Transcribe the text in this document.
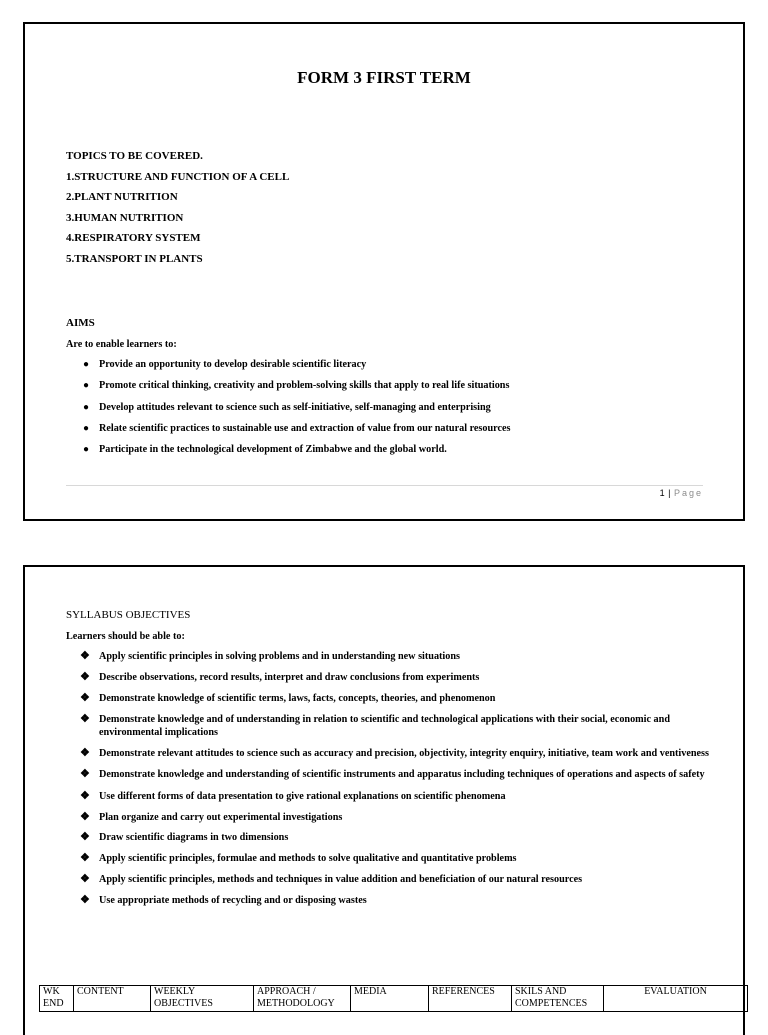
FORM 3 FIRST TERM
TOPICS TO BE COVERED.
1.STRUCTURE AND FUNCTION OF A CELL
2.PLANT NUTRITION
3.HUMAN NUTRITION
4.RESPIRATORY SYSTEM
5.TRANSPORT IN PLANTS
AIMS
Are to enable learners to:
● Provide an opportunity to develop desirable scientific literacy
● Promote critical thinking, creativity and problem-solving skills that apply to real life situations
● Develop attitudes relevant to science such as self-initiative, self-managing and enterprising
● Relate scientific practices to sustainable use and extraction of value from our natural resources
● Participate in the technological development of Zimbabwe and the global world.
1 | Page
SYLLABUS OBJECTIVES
Learners should be able to:
❖ Apply scientific principles in solving problems and in understanding new situations
❖ Describe observations, record results, interpret and draw conclusions from experiments
❖ Demonstrate knowledge of scientific terms, laws, facts, concepts, theories, and phenomenon
❖ Demonstrate knowledge and of understanding in relation to scientific and technological applications with their social, economic and environmental implications
❖ Demonstrate relevant attitudes to science such as accuracy and precision, objectivity, integrity enquiry, initiative, team work and ventiveness
❖ Demonstrate knowledge and understanding of scientific instruments and apparatus including techniques of operations and aspects of safety
❖ Use different forms of data presentation to give rational explanations on scientific phenomena
❖ Plan organize and carry out experimental investigations
❖ Draw scientific diagrams in two dimensions
❖ Apply scientific principles, formulae and methods to solve qualitative and quantitative problems
❖ Apply scientific principles, methods and techniques in value addition and beneficiation of our natural resources
❖ Use appropriate methods of recycling and or disposing wastes
WK END	CONTENT	WEEKLY OBJECTIVES	APPROACH / METHODOLOGY	MEDIA	REFERENCES	SKILS AND COMPETENCES	EVALUATION
